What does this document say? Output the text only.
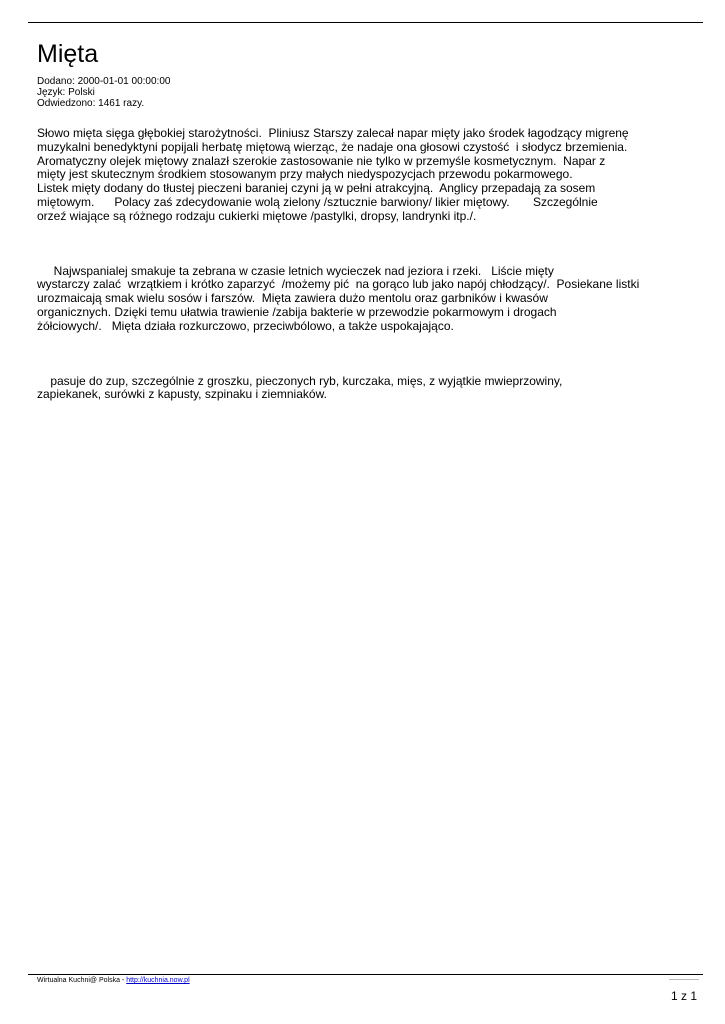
Mięta
Dodano: 2000-01-01 00:00:00
Język: Polski
Odwiedzono: 1461 razy.
Słowo mięta sięga głębokiej starożytności.  Pliniusz Starszy zalecał napar mięty jako środek łagodzący migrenę
muzykalni benedyktyni popijali herbatę miętową wierząc, że nadaje ona głosowi czystość  i słodycz brzemienia.
Aromatyczny olejek miętowy znalazł szerokie zastosowanie nie tylko w przemyśle kosmetycznym.  Napar z
mięty jest skutecznym środkiem stosowanym przy małych niedyspozycjach przewodu pokarmowego.
Listek mięty dodany do tłustej pieczeni baraniej czyni ją w pełni atrakcyjną.  Anglicy przepadają za sosem
miętowym.      Polacy zaś zdecydowanie wolą zielony /sztucznie barwiony/ likier miętowy.       Szczególnie
orzeź wiające są różnego rodzaju cukierki miętowe /pastylki, dropsy, landrynki itp./.
Najwspanialej smakuje ta zebrana w czasie letnich wycieczek nad jeziora i rzeki.   Liście mięty
wystarczy zalać  wrzątkiem i krótko zaparzyć  /możemy pić  na gorąco lub jako napój chłodzący/.  Posiekane listki
urozmaicają smak wielu sosów i farszów.  Mięta zawiera dużo mentolu oraz garbników i kwasów
organicznych. Dzięki temu ułatwia trawienie /zabija bakterie w przewodzie pokarmowym i drogach
żółciowych/.   Mięta działa rozkurczowo, przeciwbólowo, a także uspokajająco.
pasuje do zup, szczególnie z groszku, pieczonych ryb, kurczaka, mięs, z wyjątkie mwieprzowiny,
zapiekanek, surówki z kapusty, szpinaku i ziemniaków.
Wirtualna Kuchni@ Polska - http://kuchnia.now.pl
1 z 1
